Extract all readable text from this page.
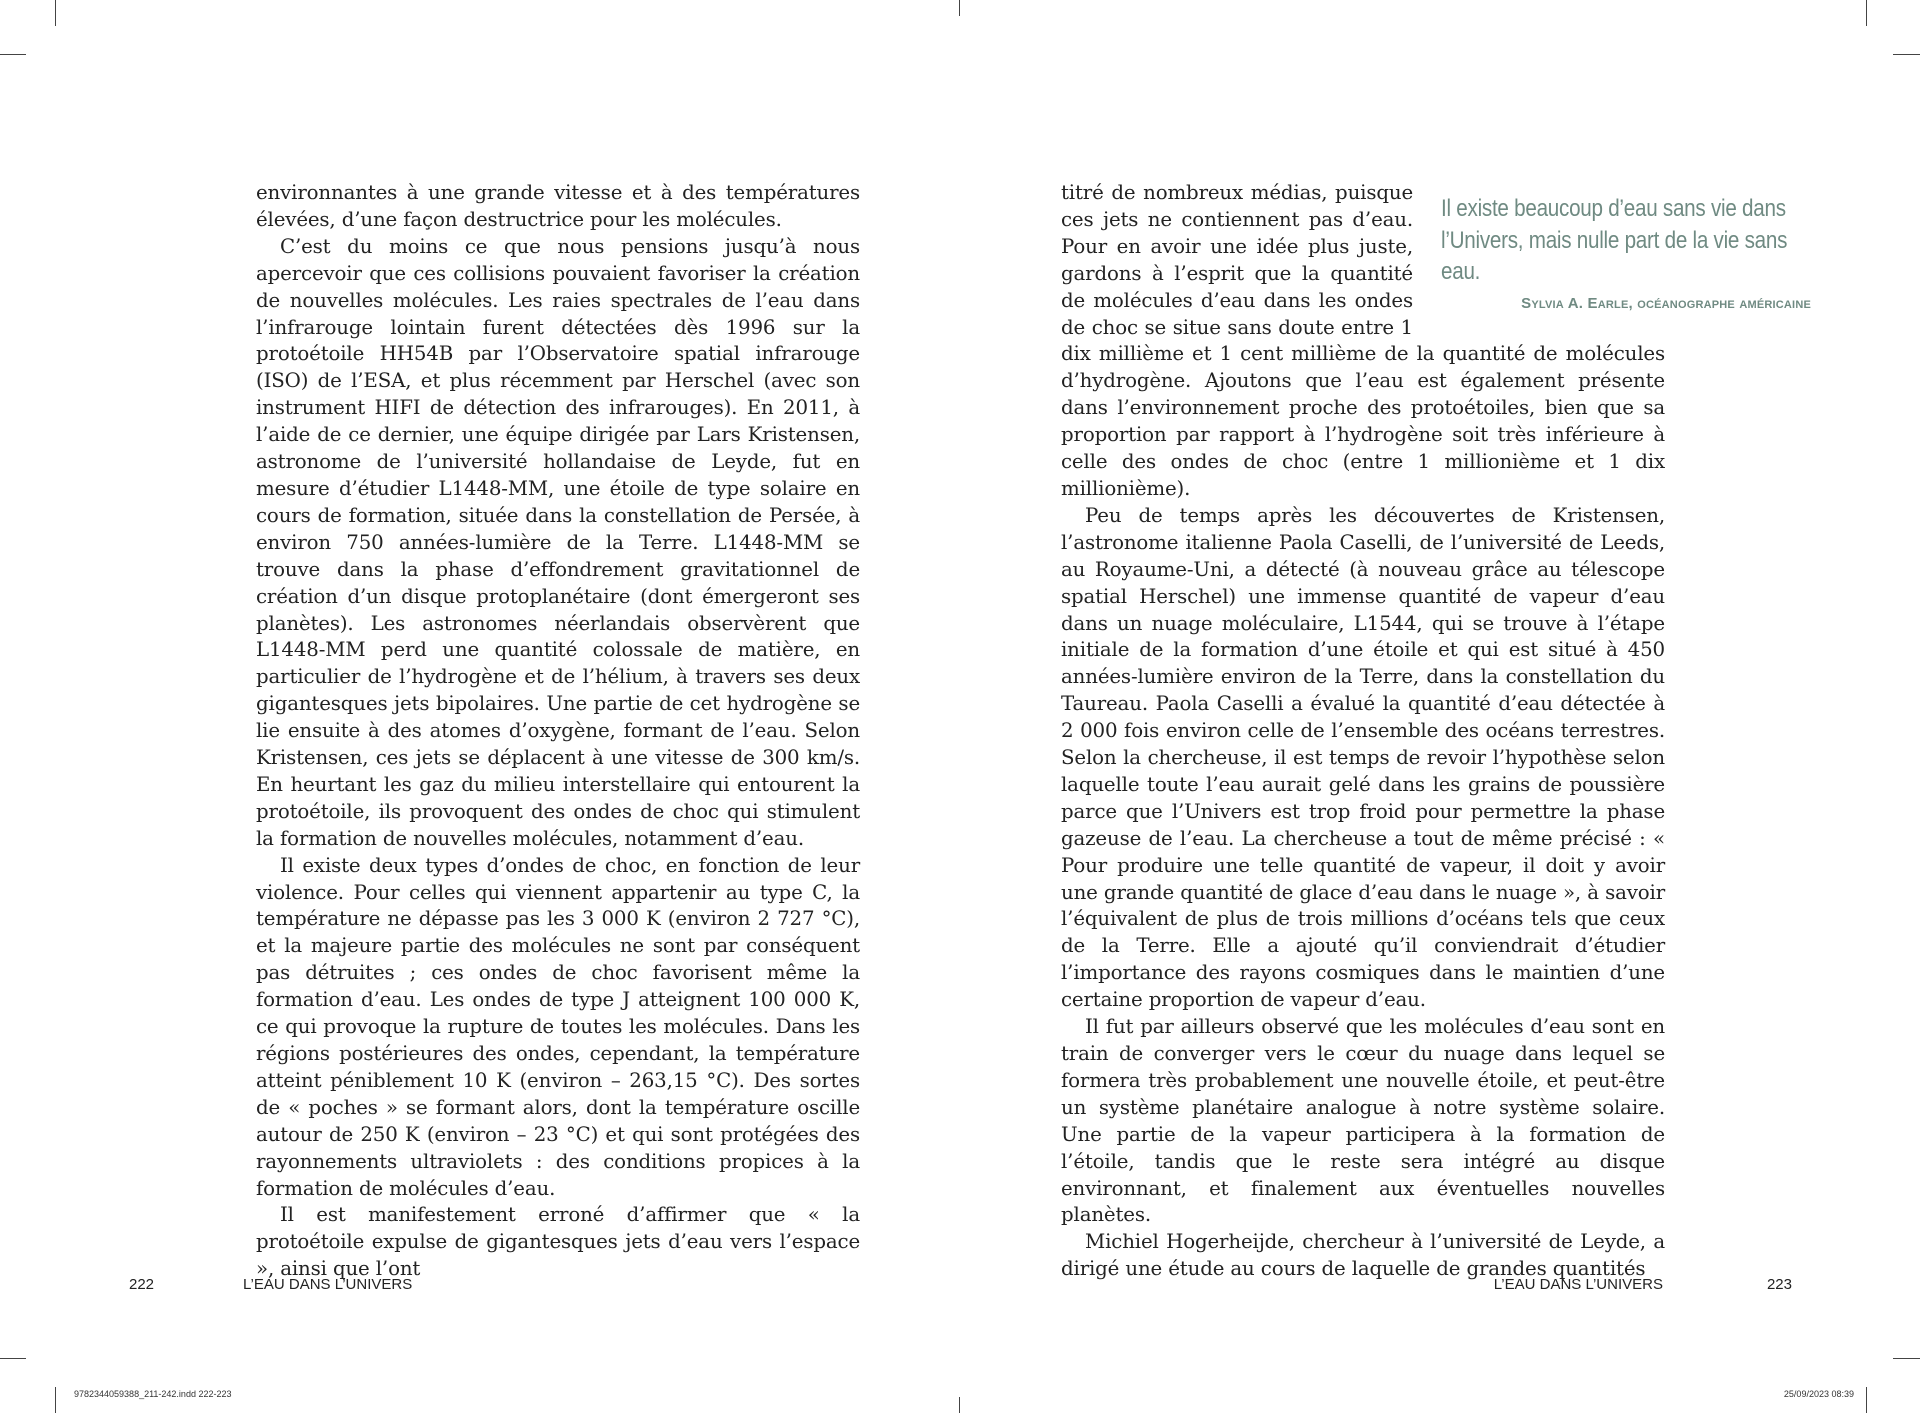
environnantes à une grande vitesse et à des températures élevées, d’une façon destructrice pour les molécules.

C’est du moins ce que nous pensions jusqu’à nous apercevoir que ces collisions pouvaient favoriser la création de nouvelles molécules. Les raies spectrales de l’eau dans l’infrarouge lointain furent détectées dès 1996 sur la protoétoile HH54B par l’Observatoire spatial infrarouge (ISO) de l’ESA, et plus récemment par Herschel (avec son instrument HIFI de détection des infrarouges). En 2011, à l’aide de ce dernier, une équipe dirigée par Lars Kristensen, astronome de l’université hollandaise de Leyde, fut en mesure d’étudier L1448-MM, une étoile de type solaire en cours de formation, située dans la constellation de Persée, à environ 750 années-lumière de la Terre. L1448-MM se trouve dans la phase d’effondrement gravitationnel de création d’un disque protoplanétaire (dont émergeront ses planètes). Les astronomes néerlandais observèrent que L1448-MM perd une quantité colossale de matière, en particulier de l’hydrogène et de l’hélium, à travers ses deux gigantesques jets bipolaires. Une partie de cet hydrogène se lie ensuite à des atomes d’oxygène, formant de l’eau. Selon Kristensen, ces jets se déplacent à une vitesse de 300 km/s. En heurtant les gaz du milieu interstellaire qui entourent la protoétoile, ils provoquent des ondes de choc qui stimulent la formation de nouvelles molécules, notamment d’eau.

Il existe deux types d’ondes de choc, en fonction de leur violence. Pour celles qui viennent appartenir au type C, la température ne dépasse pas les 3 000 K (environ 2 727 °C), et la majeure partie des molécules ne sont par conséquent pas détruites ; ces ondes de choc favorisent même la formation d’eau. Les ondes de type J atteignent 100 000 K, ce qui provoque la rupture de toutes les molécules. Dans les régions postérieures des ondes, cependant, la température atteint péniblement 10 K (environ – 263,15 °C). Des sortes de « poches » se formant alors, dont la température oscille autour de 250 K (environ – 23 °C) et qui sont protégées des rayonnements ultraviolets : des conditions propices à la formation de molécules d’eau.

Il est manifestement erroné d’affirmer que « la protoétoile expulse de gigantesques jets d’eau vers l’espace », ainsi que l’ont

Il existe beaucoup d’eau sans vie dans l’Univers, mais nulle part de la vie sans eau.
Sylvia A. Earle, océanographe américaine

titré de nombreux médias, puisque ces jets ne contiennent pas d’eau. Pour en avoir une idée plus juste, gardons à l’esprit que la quantité de molécules d’eau dans les ondes de choc se situe sans doute entre 1 dix millième et 1 cent millième de la quantité de molécules d’hydrogène. Ajoutons que l’eau est également présente dans l’environnement proche des protoétoiles, bien que sa proportion par rapport à l’hydrogène soit très inférieure à celle des ondes de choc (entre 1 millionième et 1 dix millionième).

Peu de temps après les découvertes de Kristensen, l’astronome italienne Paola Caselli, de l’université de Leeds, au Royaume-Uni, a détecté (à nouveau grâce au télescope spatial Herschel) une immense quantité de vapeur d’eau dans un nuage moléculaire, L1544, qui se trouve à l’étape initiale de la formation d’une étoile et qui est situé à 450 années-lumière environ de la Terre, dans la constellation du Taureau. Paola Caselli a évalué la quantité d’eau détectée à 2 000 fois environ celle de l’ensemble des océans terrestres. Selon la chercheuse, il est temps de revoir l’hypothèse selon laquelle toute l’eau aurait gelé dans les grains de poussière parce que l’Univers est trop froid pour permettre la phase gazeuse de l’eau. La chercheuse a tout de même précisé : « Pour produire une telle quantité de vapeur, il doit y avoir une grande quantité de glace d’eau dans le nuage », à savoir l’équivalent de plus de trois millions d’océans tels que ceux de la Terre. Elle a ajouté qu’il conviendrait d’étudier l’importance des rayons cosmiques dans le maintien d’une certaine proportion de vapeur d’eau.

Il fut par ailleurs observé que les molécules d’eau sont en train de converger vers le cœur du nuage dans lequel se formera très probablement une nouvelle étoile, et peut-être un système planétaire analogue à notre système solaire. Une partie de la vapeur participera à la formation de l’étoile, tandis que le reste sera intégré au disque environnant, et finalement aux éventuelles nouvelles planètes.

Michiel Hogerheijde, chercheur à l’université de Leyde, a dirigé une étude au cours de laquelle de grandes quantités

222	L’EAU DANS L’UNIVERS	L’EAU DANS L’UNIVERS	223
9782344059388_211-242.indd 222-223	25/09/2023 08:39
